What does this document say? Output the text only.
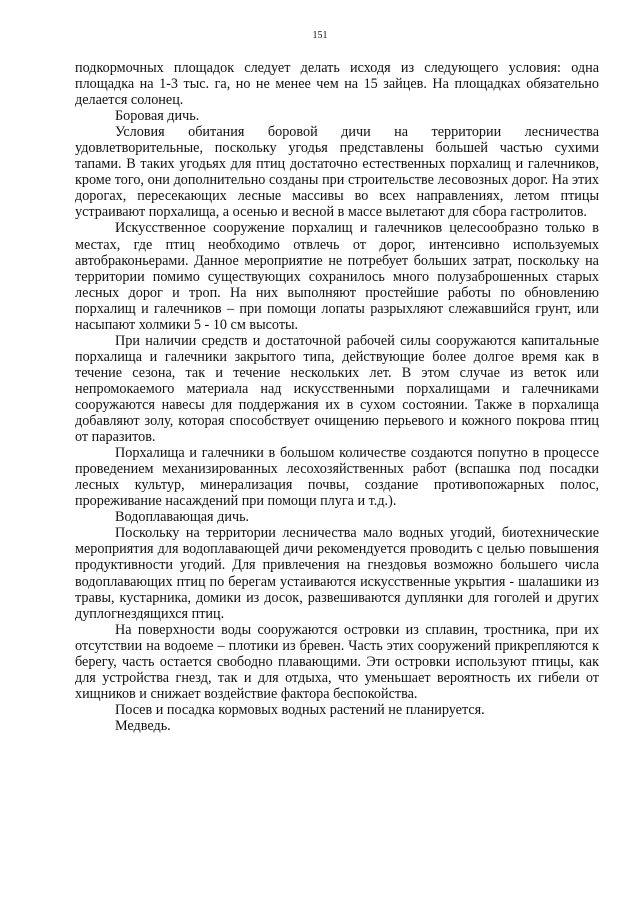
151

подкормочных площадок следует делать исходя из следующего условия: одна площадка на 1-3 тыс. га, но не менее чем на 15 зайцев. На площадках обязательно делается солонец.

Боровая дичь.

Условия обитания боровой дичи на территории лесничества удовлетворительные, поскольку угодья представлены большей частью сухими тапами. В таких угодьях для птиц достаточно естественных порхалищ и галечников, кроме того, они дополнительно созданы при строительстве лесовозных дорог. На этих дорогах, пересекающих лесные массивы во всех направлениях, летом птицы устраивают порхалища, а осенью и весной в массе вылетают для сбора гастролитов.

Искусственное сооружение порхалищ и галечников целесообразно только в местах, где птиц необходимо отвлечь от дорог, интенсивно используемых автобраконьерами. Данное мероприятие не потребует больших затрат, поскольку на территории помимо существующих сохранилось много полузаброшенных старых лесных дорог и троп. На них выполняют простейшие работы по обновлению порхалищ и галечников – при помощи лопаты разрыхляют слежавшийся грунт, или насыпают холмики 5 - 10 см высоты.

При наличии средств и достаточной рабочей силы сооружаются капитальные порхалища и галечники закрытого типа, действующие более долгое время как в течение сезона, так и течение нескольких лет. В этом случае из веток или непромокаемого материала над искусственными порхалищами и галечниками сооружаются навесы для поддержания их в сухом состоянии. Также в порхалища добавляют золу, которая способствует очищению перьевого и кожного покрова птиц от паразитов.

Порхалища и галечники в большом количестве создаются попутно в процессе проведением механизированных лесохозяйственных работ (вспашка под посадки лесных культур, минерализация почвы, создание противопожарных полос, прореживание насаждений при помощи плуга и т.д.).

Водоплавающая дичь.

Поскольку на территории лесничества мало водных угодий, биотехнические мероприятия для водоплавающей дичи рекомендуется проводить с целью повышения продуктивности угодий. Для привлечения на гнездовья возможно большего числа водоплавающих птиц по берегам устаиваются искусственные укрытия - шалашики из травы, кустарника, домики из досок, развешиваются дуплянки для гоголей и других дуплогнездящихся птиц.

На поверхности воды сооружаются островки из сплавин, тростника, при их отсутствии на водоеме – плотики из бревен. Часть этих сооружений прикрепляются к берегу, часть остается свободно плавающими. Эти островки используют птицы, как для устройства гнезд, так и для отдыха, что уменьшает вероятность их гибели от хищников и снижает воздействие фактора беспокойства.

Посев и посадка кормовых водных растений не планируется.

Медведь.
